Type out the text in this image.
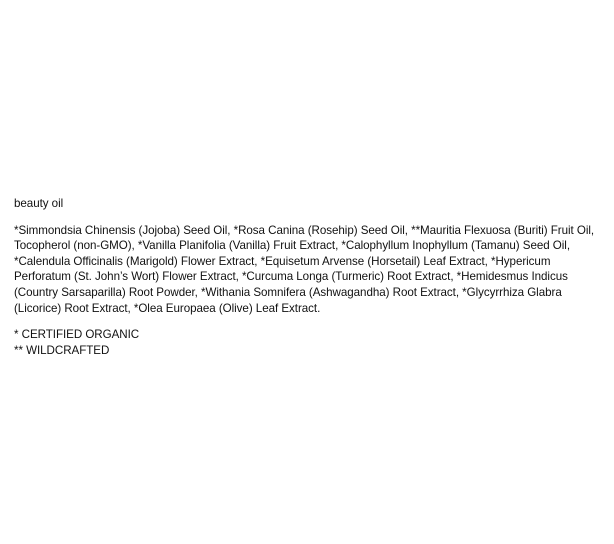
beauty oil

*Simmondsia Chinensis (Jojoba) Seed Oil, *Rosa Canina (Rosehip) Seed Oil, **Mauritia Flexuosa (Buriti) Fruit Oil, Tocopherol (non-GMO), *Vanilla Planifolia (Vanilla) Fruit Extract, *Calophyllum Inophyllum (Tamanu) Seed Oil, *Calendula Officinalis (Marigold) Flower Extract, *Equisetum Arvense (Horsetail) Leaf Extract, *Hypericum Perforatum (St. John’s Wort) Flower Extract, *Curcuma Longa (Turmeric) Root Extract, *Hemidesmus Indicus (Country Sarsaparilla) Root Powder, *Withania Somnifera (Ashwagandha) Root Extract, *Glycyrrhiza Glabra (Licorice) Root Extract, *Olea Europaea (Olive) Leaf Extract.

* CERTIFIED ORGANIC

** WILDCRAFTED
